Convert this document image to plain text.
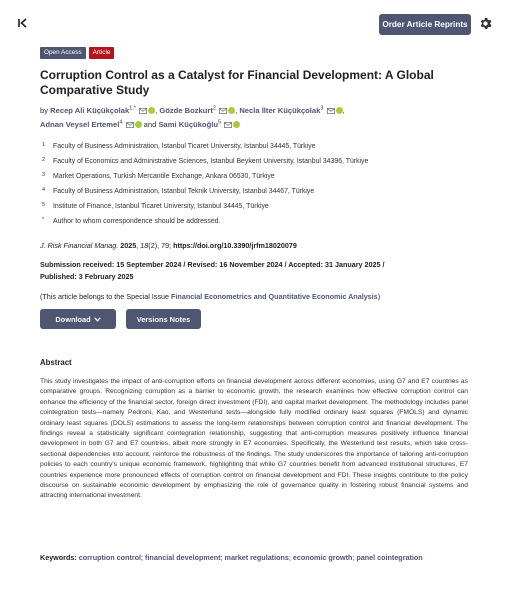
Order Article Reprints
Open Access	Article
Corruption Control as a Catalyst for Financial Development: A Global Comparative Study
by Recep Ali Küçükçolak$^{1,*}$	, Gözde Bozkurt$^2$	, Necla İlter Küçükçolak$^3$	,
Adnan Veysel Ertemel$^4$	and Sami Küçükoğlu$^5$
1	Faculty of Business Administration, Istanbul Ticaret University, Istanbul 34445, Türkiye
2	Faculty of Economics and Administrative Sciences, Istanbul Beykent University, Istanbul 34396, Türkiye
3	Market Operations, Turkish Mercantile Exchange, Ankara 06530, Türkiye
4	Faculty of Business Administration, Istanbul Teknik University, Istanbul 34467, Türkiye
5	Institute of Finance, Istanbul Ticaret University, Istanbul 34445, Türkiye
*	Author to whom correspondence should be addressed.
J. Risk Financial Manag. 2025, 18(2), 79; https://doi.org/10.3390/jrfm18020079
Submission received: 15 September 2024 / Revised: 16 November 2024 / Accepted: 31 January 2025 /
Published: 3 February 2025
(This article belongs to the Special Issue Financial Econometrics and Quantitative Economic Analysis)
Download	Versions Notes
Abstract

This study investigates the impact of anti-corruption efforts on financial development across different economies, using G7 and E7 countries as comparative groups. Recognizing corruption as a barrier to economic growth, the research examines how effective corruption control can enhance the efficiency of the financial sector, foreign direct investment (FDI), and capital market development. The methodology includes panel cointegration tests—namely Pedroni, Kao, and Westerlund tests—alongside fully modified ordinary least squares (FMOLS) and dynamic ordinary least squares (DOLS) estimations to assess the long-term relationships between corruption control and financial development. The findings reveal a statistically significant cointegration relationship, suggesting that anti-corruption measures positively influence financial development in both G7 and E7 countries, albeit more strongly in E7 economies. Specifically, the Westerlund test results, which take cross-sectional dependencies into account, reinforce the robustness of the findings. The study underscores the importance of tailoring anti-corruption policies to each country's unique economic framework, highlighting that while G7 countries benefit from advanced institutional structures, E7 countries experience more pronounced effects of corruption control on financial development and FDI. These insights contribute to the policy discourse on sustainable economic development by emphasizing the role of governance quality in fostering robust financial systems and attracting international investment.

Keywords: corruption control; financial development; market regulations; economic growth; panel cointegration
